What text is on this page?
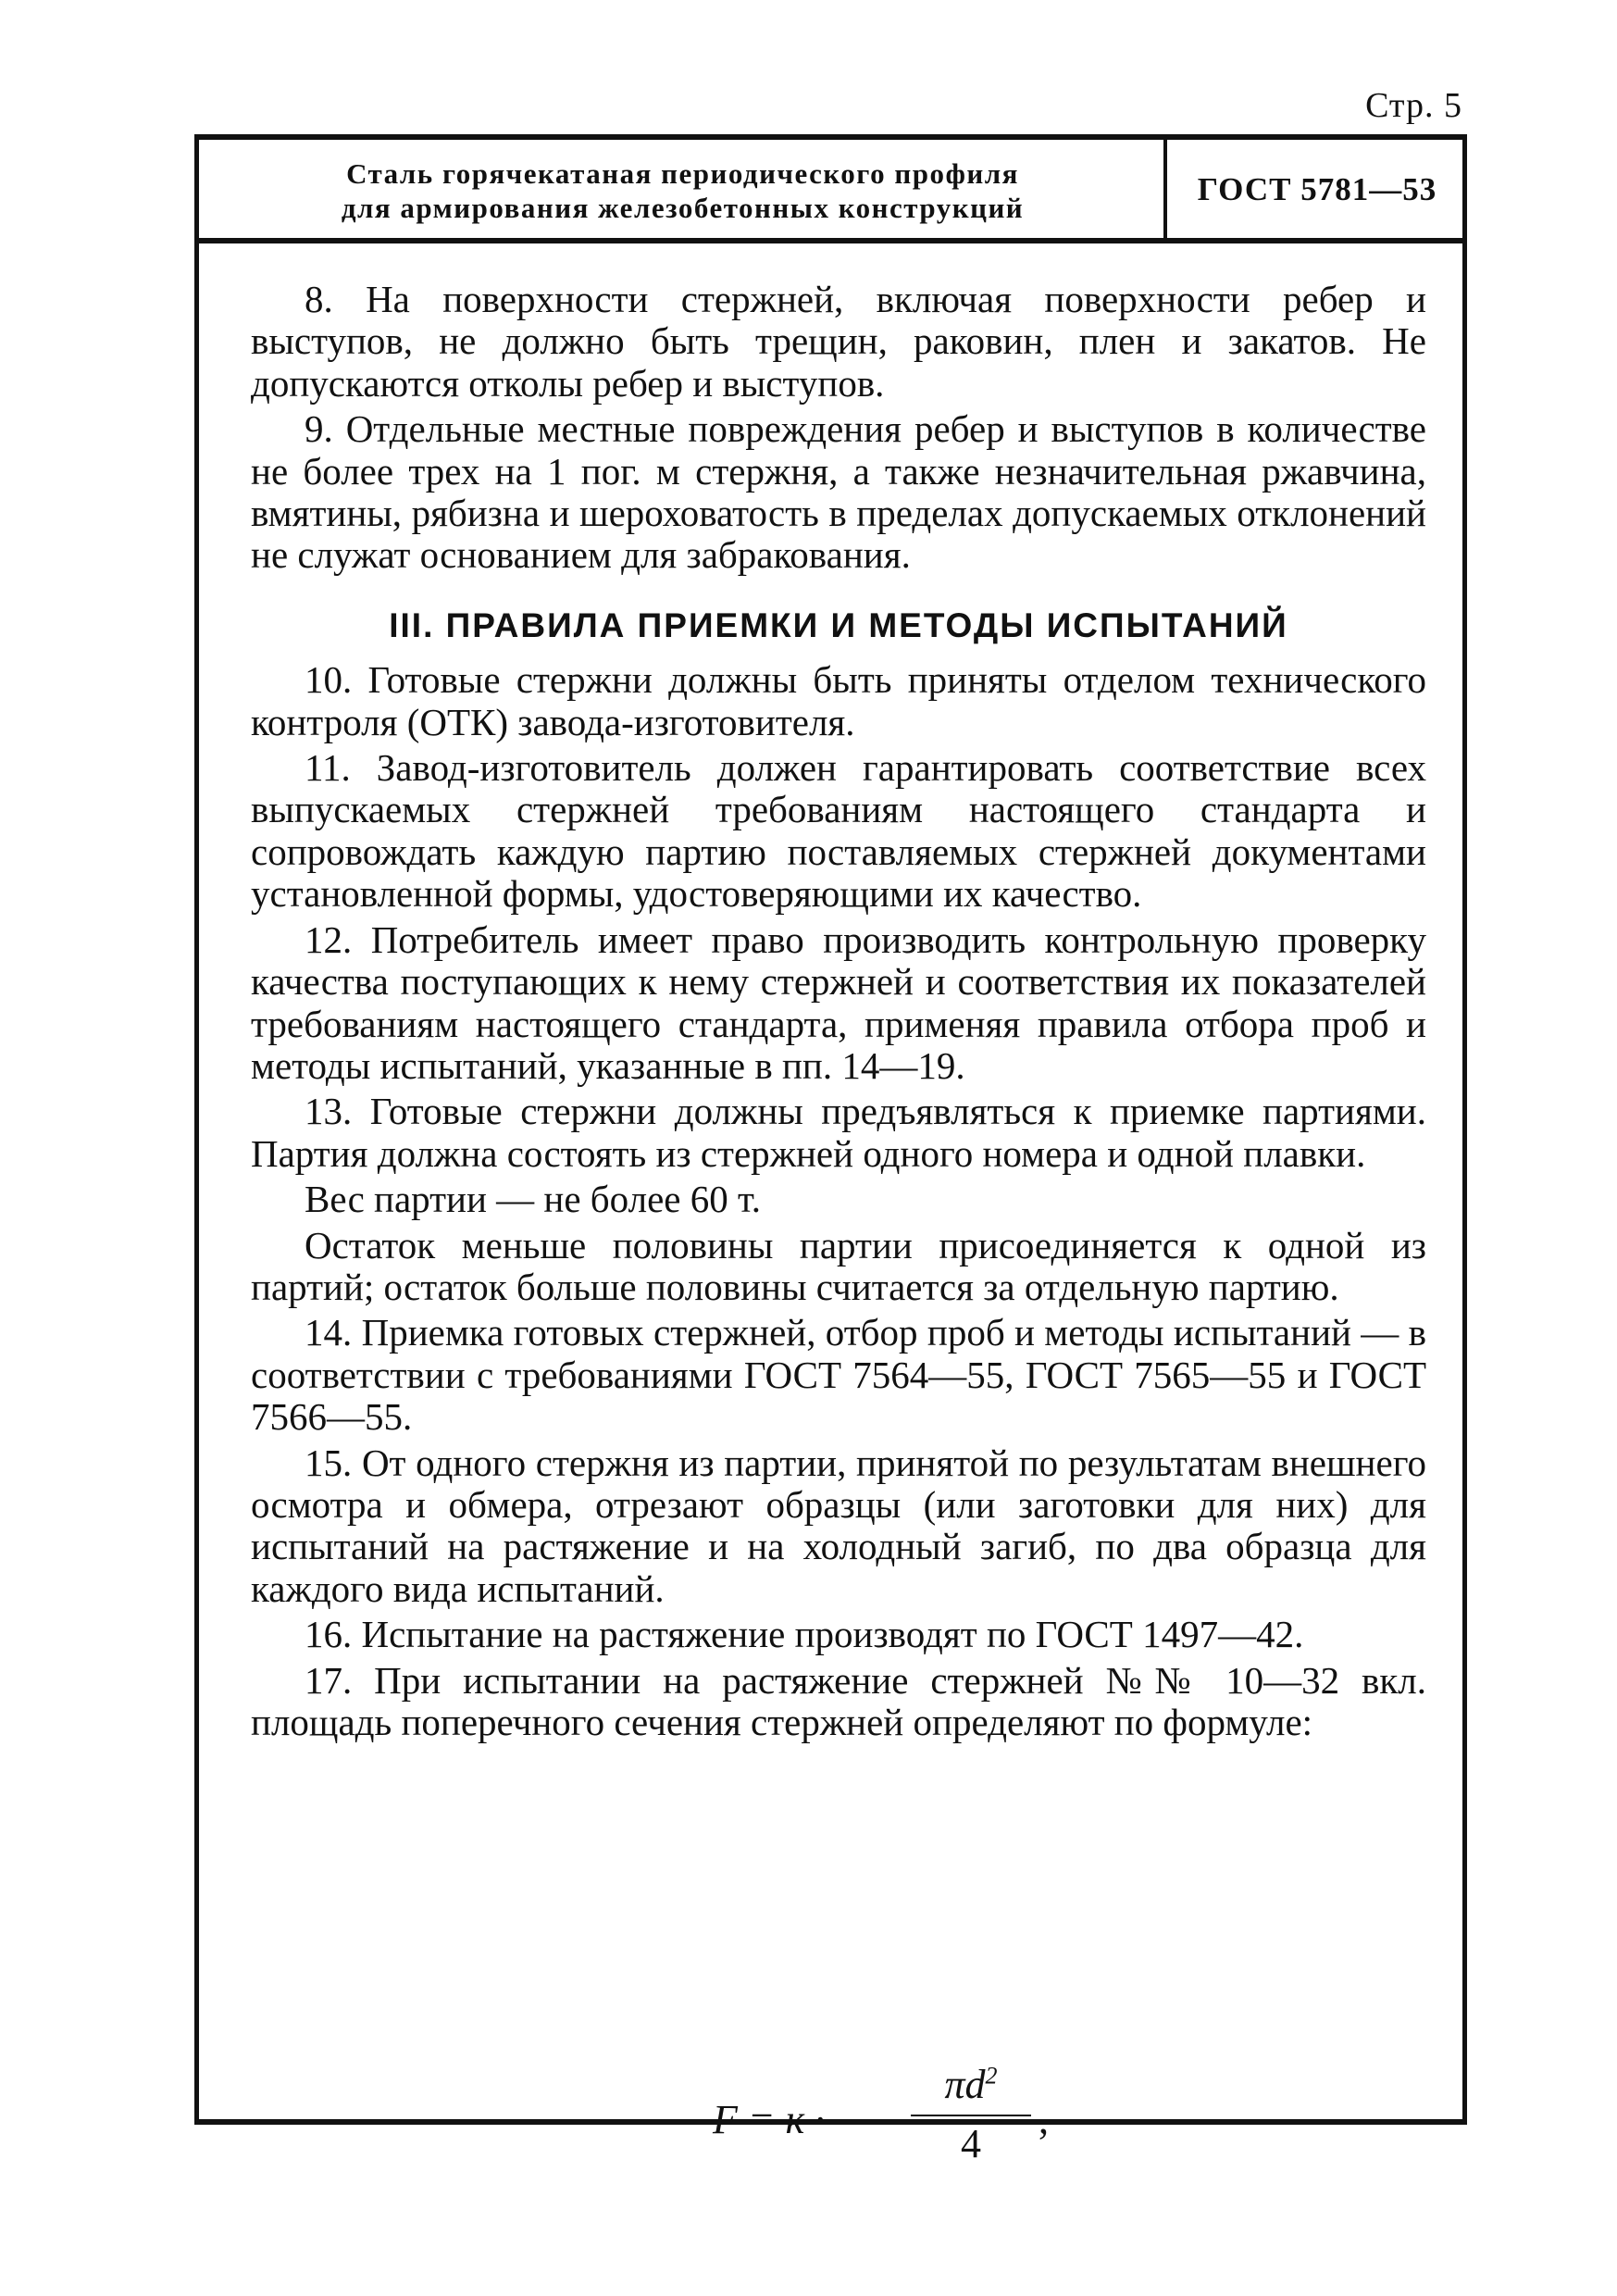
Стр. 5
Сталь горячекатаная периодического профиля
для армирования железобетонных конструкций
ГОСТ 5781—53

8. На поверхности стержней, включая поверхности ребер и выступов, не должно быть трещин, раковин, плен и закатов. Не допускаются отколы ребер и выступов.

9. Отдельные местные повреждения ребер и выступов в количестве не более трех на 1 пог. м стержня, а также незначительная ржавчина, вмятины, рябизна и шероховатость в пределах допускаемых отклонений не служат основанием для забракования.

III. ПРАВИЛА ПРИЕМКИ И МЕТОДЫ ИСПЫТАНИЙ

10. Готовые стержни должны быть приняты отделом технического контроля (ОТК) завода-изготовителя.

11. Завод-изготовитель должен гарантировать соответствие всех выпускаемых стержней требованиям настоящего стандарта и сопровождать каждую партию поставляемых стержней документами установленной формы, удостоверяющими их качество.

12. Потребитель имеет право производить контрольную проверку качества поступающих к нему стержней и соответствия их показателей требованиям настоящего стандарта, применяя правила отбора проб и методы испытаний, указанные в пп. 14—19.

13. Готовые стержни должны предъявляться к приемке партиями. Партия должна состоять из стержней одного номера и одной плавки.

Вес партии — не более 60 т.

Остаток меньше половины партии присоединяется к одной из партий; остаток больше половины считается за отдельную партию.

14. Приемка готовых стержней, отбор проб и методы испытаний — в соответствии с требованиями ГОСТ 7564—55, ГОСТ 7565—55 и ГОСТ 7566—55.

15. От одного стержня из партии, принятой по результатам внешнего осмотра и обмера, отрезают образцы (или заготовки для них) для испытаний на растяжение и на холодный загиб, по два образца для каждого вида испытаний.

16. Испытание на растяжение производят по ГОСТ 1497—42.

17. При испытании на растяжение стержней №№ 10—32 вкл. площадь поперечного сечения стержней определяют по формуле:

F = к ·
$\pi d^2$
4
,
